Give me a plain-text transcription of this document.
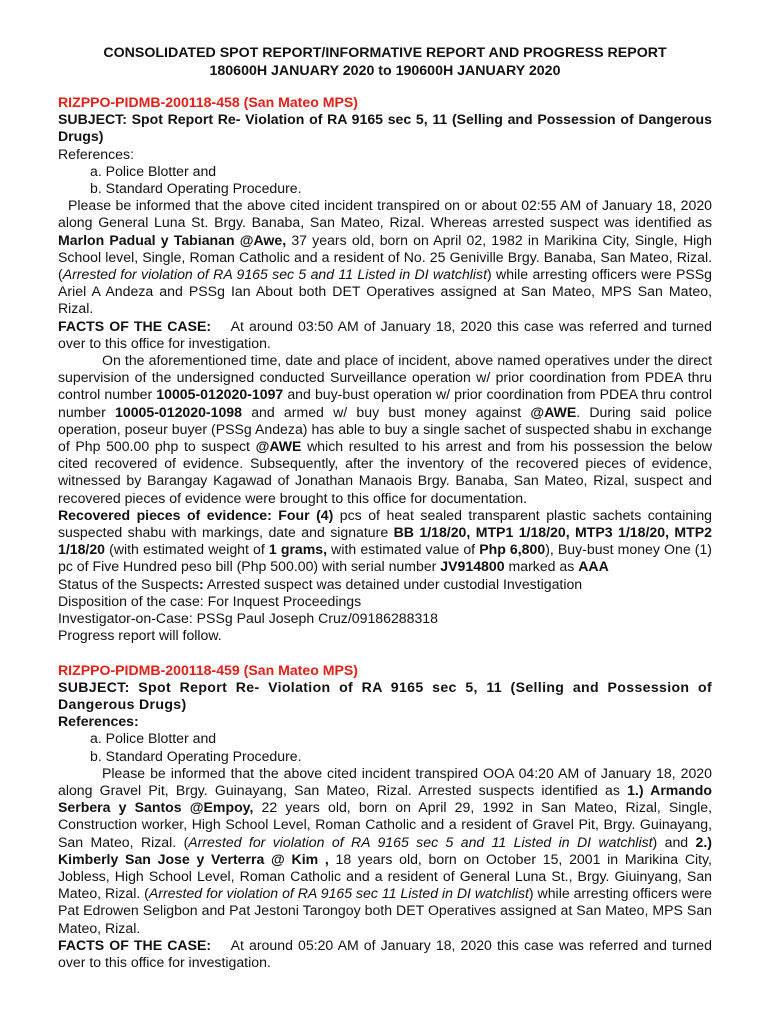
CONSOLIDATED SPOT REPORT/INFORMATIVE REPORT AND PROGRESS REPORT

180600H JANUARY 2020 to 190600H JANUARY 2020

RIZPPO-PIDMB-200118-458 (San Mateo MPS)

SUBJECT: Spot Report Re- Violation of RA 9165 sec 5, 11 (Selling and Possession of Dangerous Drugs)

References:

a. Police Blotter and

b. Standard Operating Procedure.

Please be informed that the above cited incident transpired on or about 02:55 AM of January 18, 2020 along General Luna St. Brgy. Banaba, San Mateo, Rizal. Whereas arrested suspect was identified as Marlon Padual y Tabianan @Awe, 37 years old, born on April 02, 1982 in Marikina City, Single, High School level, Single, Roman Catholic and a resident of No. 25 Geniville Brgy. Banaba, San Mateo, Rizal. (Arrested for violation of RA 9165 sec 5 and 11 Listed in DI watchlist) while arresting officers were PSSg Ariel A Andeza and PSSg Ian About both DET Operatives assigned at San Mateo, MPS San Mateo, Rizal.

FACTS OF THE CASE:    At around 03:50 AM of January 18, 2020 this case was referred and turned over to this office for investigation.

On the aforementioned time, date and place of incident, above named operatives under the direct supervision of the undersigned conducted Surveillance operation w/ prior coordination from PDEA thru control number 10005-012020-1097 and buy-bust operation w/ prior coordination from PDEA thru control number 10005-012020-1098 and armed w/ buy bust money against @AWE. During said police operation, poseur buyer (PSSg Andeza) has able to buy a single sachet of suspected shabu in exchange of Php 500.00 php to suspect @AWE which resulted to his arrest and from his possession the below cited recovered of evidence. Subsequently, after the inventory of the recovered pieces of evidence, witnessed by Barangay Kagawad of Jonathan Manaois Brgy. Banaba, San Mateo, Rizal, suspect and recovered pieces of evidence were brought to this office for documentation.

Recovered pieces of evidence: Four (4) pcs of heat sealed transparent plastic sachets containing suspected shabu with markings, date and signature BB 1/18/20, MTP1 1/18/20, MTP3 1/18/20, MTP2 1/18/20 (with estimated weight of 1 grams, with estimated value of Php 6,800), Buy-bust money One (1) pc of Five Hundred peso bill (Php 500.00) with serial number JV914800 marked as AAA

Status of the Suspects: Arrested suspect was detained under custodial Investigation

Disposition of the case: For Inquest Proceedings

Investigator-on-Case: PSSg Paul Joseph Cruz/09186288318

Progress report will follow.

RIZPPO-PIDMB-200118-459 (San Mateo MPS)

SUBJECT: Spot Report Re- Violation of RA 9165 sec 5, 11 (Selling and Possession of Dangerous Drugs)

References:

a. Police Blotter and

b. Standard Operating Procedure.

Please be informed that the above cited incident transpired OOA 04:20 AM of January 18, 2020 along Gravel Pit, Brgy. Guinayang, San Mateo, Rizal. Arrested suspects identified as 1.) Armando Serbera y Santos @Empoy, 22 years old, born on April 29, 1992 in San Mateo, Rizal, Single, Construction worker, High School Level, Roman Catholic and a resident of Gravel Pit, Brgy. Guinayang, San Mateo, Rizal. (Arrested for violation of RA 9165 sec 5 and 11 Listed in DI watchlist) and 2.) Kimberly San Jose y Verterra @ Kim , 18 years old, born on October 15, 2001 in Marikina City, Jobless, High School Level, Roman Catholic and a resident of General Luna St., Brgy. Giuinyang, San Mateo, Rizal. (Arrested for violation of RA 9165 sec 11 Listed in DI watchlist) while arresting officers were Pat Edrowen Seligbon and Pat Jestoni Tarongoy both DET Operatives assigned at San Mateo, MPS San Mateo, Rizal.

FACTS OF THE CASE:    At around 05:20 AM of January 18, 2020 this case was referred and turned over to this office for investigation.
